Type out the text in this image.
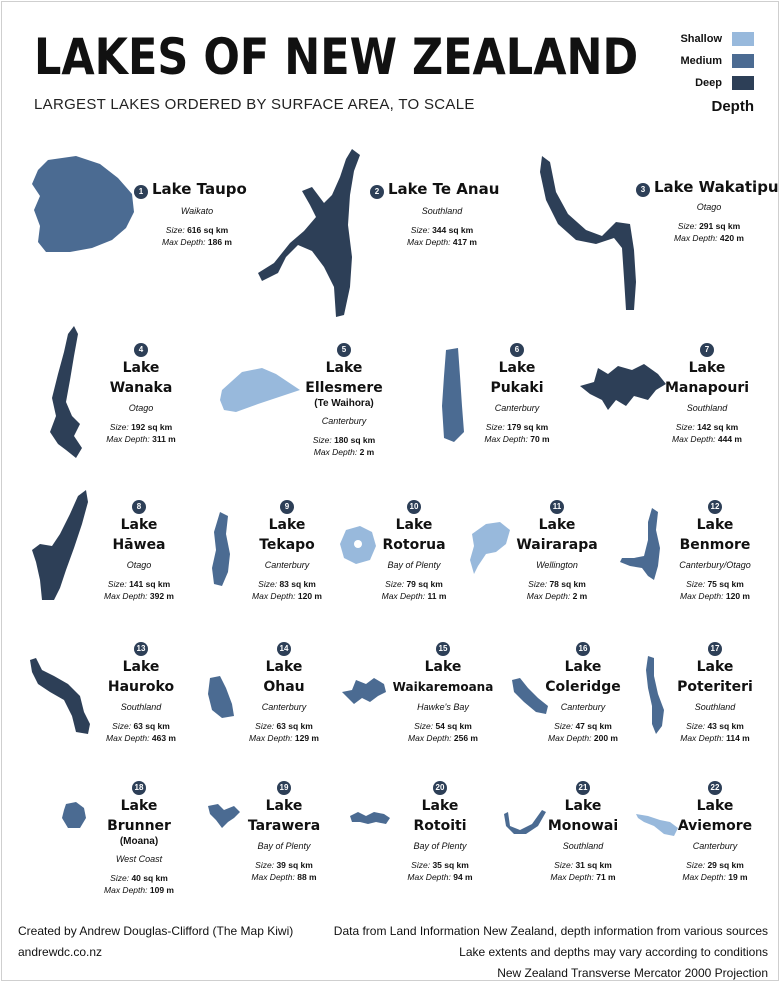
LAKES OF NEW ZEALAND
LARGEST LAKES ORDERED BY SURFACE AREA, TO SCALE
Shallow
Medium
Deep
Depth
1 Lake Taupo
Waikato
Size: 616 sq km
Max Depth: 186 m
2 Lake Te Anau
Southland
Size: 344 sq km
Max Depth: 417 m
3 Lake Wakatipu
Otago
Size: 291 sq km
Max Depth: 420 m
4
Lake
Wanaka
Otago
Size: 192 sq km
Max Depth: 311 m
5
Lake
Ellesmere
(Te Waihora)
Canterbury
Size: 180 sq km
Max Depth: 2 m
6
Lake
Pukaki
Canterbury
Size: 179 sq km
Max Depth: 70 m
7
Lake
Manapouri
Southland
Size: 142 sq km
Max Depth: 444 m
8
Lake
Hāwea
Otago
Size: 141 sq km
Max Depth: 392 m
9
Lake
Tekapo
Canterbury
Size: 83 sq km
Max Depth: 120 m
10
Lake
Rotorua
Bay of Plenty
Size: 79 sq km
Max Depth: 11 m
11
Lake
Wairarapa
Wellington
Size: 78 sq km
Max Depth: 2 m
12
Lake
Benmore
Canterbury/Otago
Size: 75 sq km
Max Depth: 120 m
13
Lake
Hauroko
Southland
Size: 63 sq km
Max Depth: 463 m
14
Lake
Ohau
Canterbury
Size: 63 sq km
Max Depth: 129 m
15
Lake
Waikaremoana
Hawke's Bay
Size: 54 sq km
Max Depth: 256 m
16
Lake
Coleridge
Canterbury
Size: 47 sq km
Max Depth: 200 m
17
Lake
Poteriteri
Southland
Size: 43 sq km
Max Depth: 114 m
18
Lake
Brunner
(Moana)
West Coast
Size: 40 sq km
Max Depth: 109 m
19
Lake
Tarawera
Bay of Plenty
Size: 39 sq km
Max Depth: 88 m
20
Lake
Rotoiti
Bay of Plenty
Size: 35 sq km
Max Depth: 94 m
21
Lake
Monowai
Southland
Size: 31 sq km
Max Depth: 71 m
22
Lake
Aviemore
Canterbury
Size: 29 sq km
Max Depth: 19 m
Created by Andrew Douglas-Clifford (The Map Kiwi)
andrewdc.co.nz
Data from Land Information New Zealand, depth information from various sources
Lake extents and depths may vary according to conditions
New Zealand Transverse Mercator 2000 Projection
